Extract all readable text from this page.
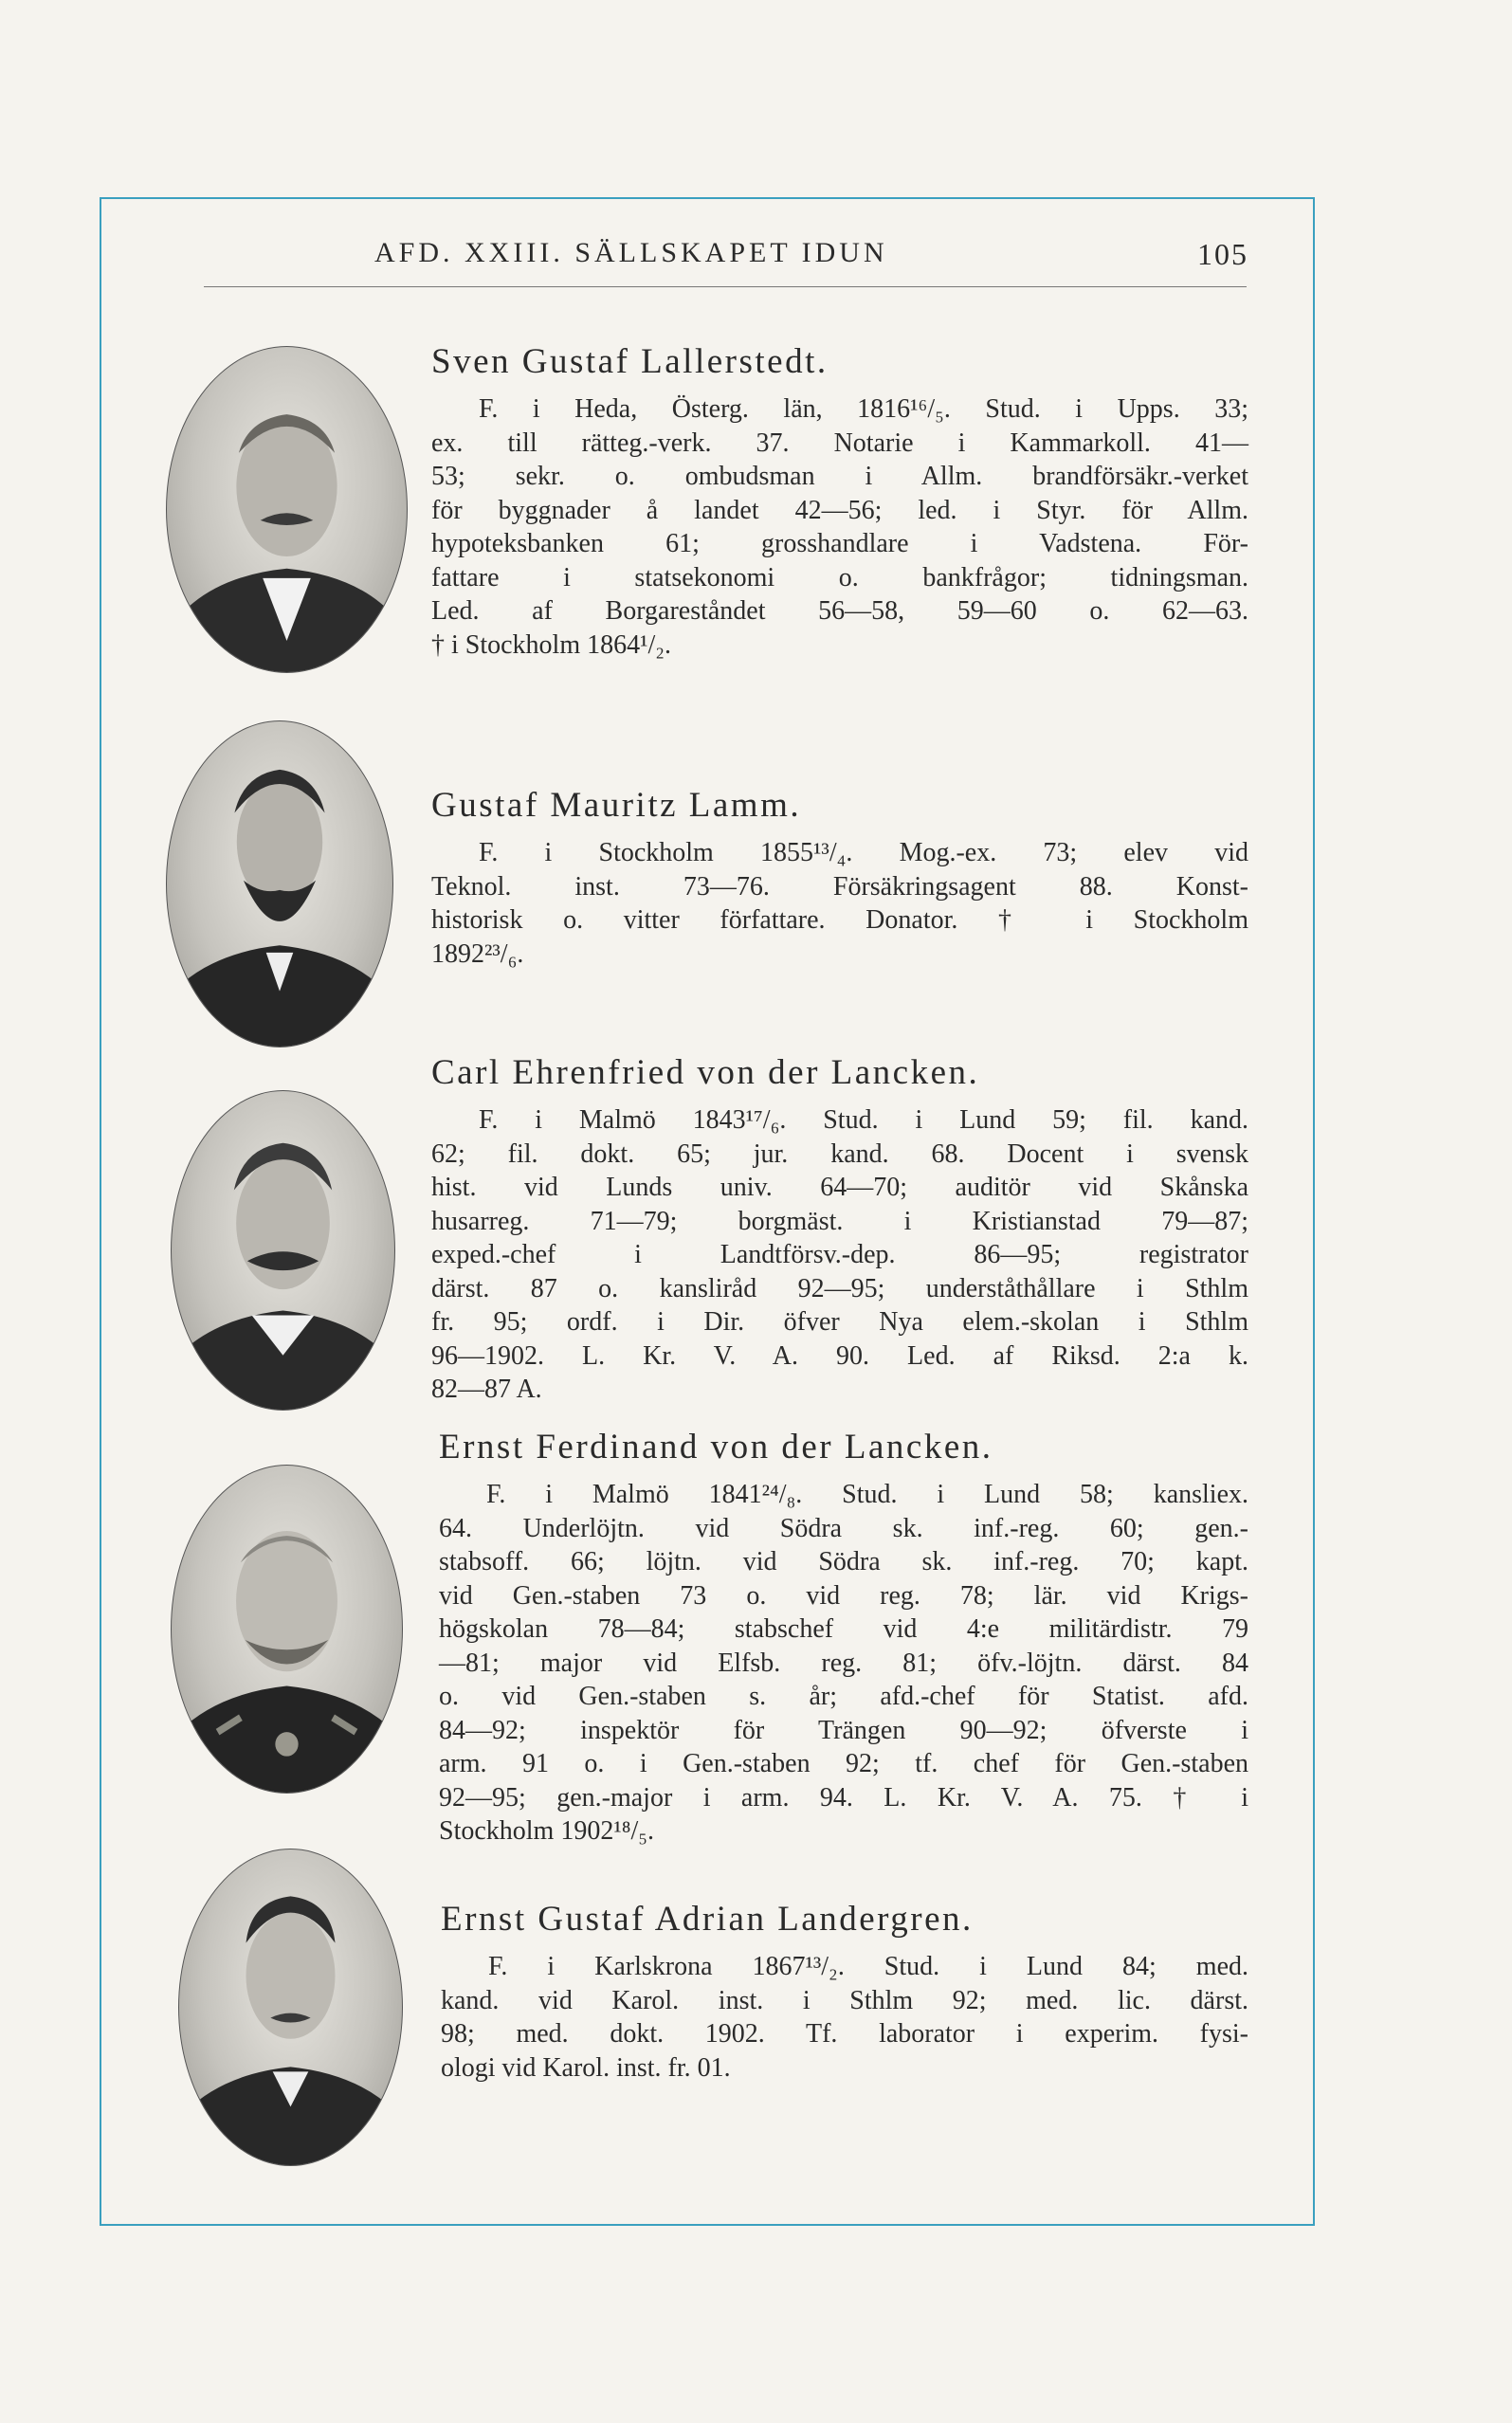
AFD. XXIII. SÄLLSKAPET IDUN	105
Sven Gustaf Lallerstedt.
F. i Heda, Österg. län, 1816¹⁶/₅. Stud. i Upps. 33;
ex. till rätteg.-verk. 37. Notarie i Kammarkoll. 41—
53; sekr. o. ombudsman i Allm. brandförsäkr.-verket
för byggnader å landet 42—56; led. i Styr. för Allm.
hypoteksbanken 61; grosshandlare i Vadstena. För-
fattare i statsekonomi o. bankfrågor; tidningsman.
Led. af Borgareståndet 56—58, 59—60 o. 62—63.
† i Stockholm 1864¹/₂.
Gustaf Mauritz Lamm.
F. i Stockholm 1855¹³/₄. Mog.-ex. 73; elev vid
Teknol. inst. 73—76. Försäkringsagent 88. Konst-
historisk o. vitter författare. Donator. † i Stockholm
1892²³/₆.
Carl Ehrenfried von der Lancken.
F. i Malmö 1843¹⁷/₆. Stud. i Lund 59; fil. kand.
62; fil. dokt. 65; jur. kand. 68. Docent i svensk
hist. vid Lunds univ. 64—70; auditör vid Skånska
husarreg. 71—79; borgmäst. i Kristianstad 79—87;
exped.-chef i Landtförsv.-dep. 86—95; registrator
därst. 87 o. kansliråd 92—95; underståthållare i Sthlm
fr. 95; ordf. i Dir. öfver Nya elem.-skolan i Sthlm
96—1902. L. Kr. V. A. 90. Led. af Riksd. 2:a k.
82—87 A.
Ernst Ferdinand von der Lancken.
F. i Malmö 1841²⁴/₈. Stud. i Lund 58; kansliex.
64. Underlöjtn. vid Södra sk. inf.-reg. 60; gen.-
stabsoff. 66; löjtn. vid Södra sk. inf.-reg. 70; kapt.
vid Gen.-staben 73 o. vid reg. 78; lär. vid Krigs-
högskolan 78—84; stabschef vid 4:e militärdistr. 79
—81; major vid Elfsb. reg. 81; öfv.-löjtn. därst. 84
o. vid Gen.-staben s. år; afd.-chef för Statist. afd.
84—92; inspektör för Trängen 90—92; öfverste i
arm. 91 o. i Gen.-staben 92; tf. chef för Gen.-staben
92—95; gen.-major i arm. 94. L. Kr. V. A. 75. † i
Stockholm 1902¹⁸/₅.
Ernst Gustaf Adrian Landergren.
F. i Karlskrona 1867¹³/₂. Stud. i Lund 84; med.
kand. vid Karol. inst. i Sthlm 92; med. lic. därst.
98; med. dokt. 1902. Tf. laborator i experim. fysi-
ologi vid Karol. inst. fr. 01.
